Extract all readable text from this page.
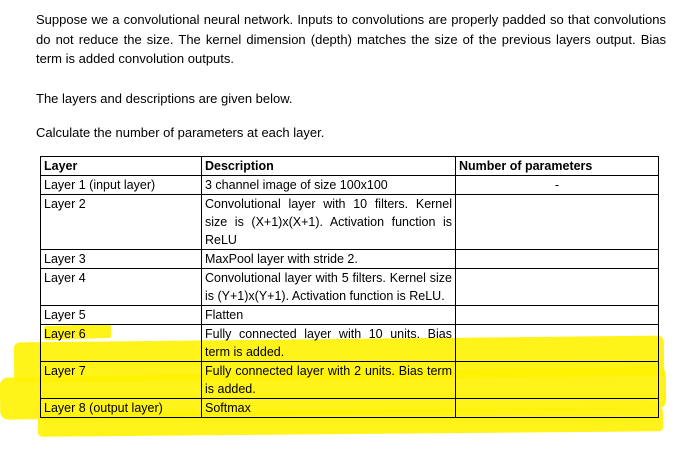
Suppose we a convolutional neural network. Inputs to convolutions are properly padded so that convolutions do not reduce the size. The kernel dimension (depth) matches the size of the previous layers output. Bias term is added convolution outputs.

The layers and descriptions are given below.

Calculate the number of parameters at each layer.

Layer	Description	Number of parameters
Layer 1 (input layer)	3 channel image of size 100x100	-
Layer 2	Convolutional layer with 10 filters. Kernel size is (X+1)x(X+1). Activation function is ReLU	
Layer 3	MaxPool layer with stride 2.	
Layer 4	Convolutional layer with 5 filters. Kernel size is (Y+1)x(Y+1). Activation function is ReLU.	
Layer 5	Flatten	
Layer 6	Fully connected layer with 10 units. Bias term is added.	
Layer 7	Fully connected layer with 2 units. Bias term is added.	
Layer 8 (output layer)	Softmax	
